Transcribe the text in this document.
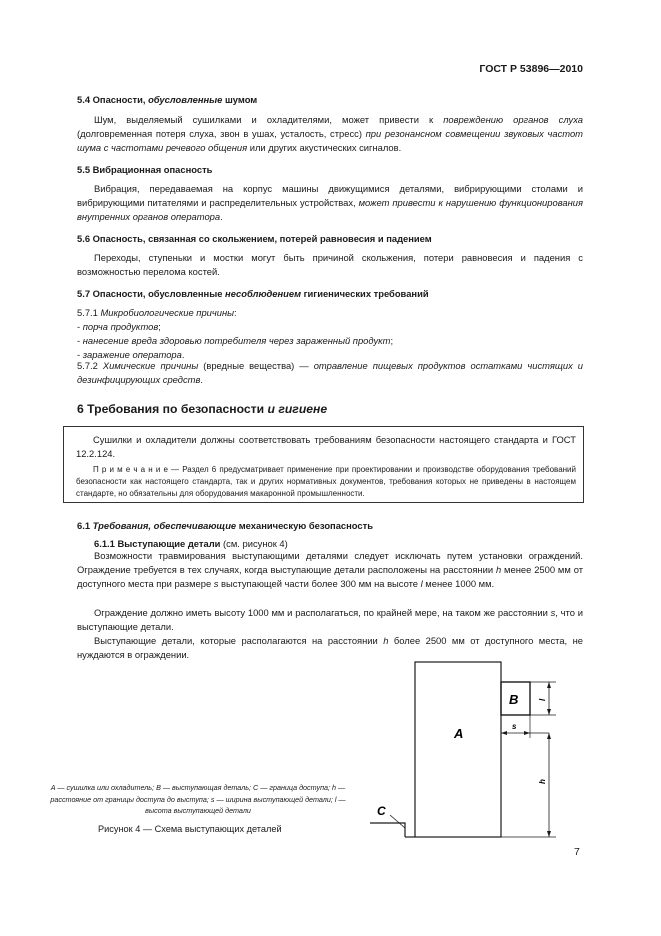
ГОСТ Р 53896—2010
5.4 Опасности, обусловленные шумом
Шум, выделяемый сушилками и охладителями, может привести к повреждению органов слуха (долговременная потеря слуха, звон в ушах, усталость, стресс) при резонансном совмещении звуковых частот шума с частотами речевого общения или других акустических сигналов.
5.5 Вибрационная опасность
Вибрация, передаваемая на корпус машины движущимися деталями, вибрирующими столами и вибрирующими питателями и распределительных устройствах, может привести к нарушению функционирования внутренних органов оператора.
5.6 Опасность, связанная со скольжением, потерей равновесия и падением
Переходы, ступеньки и мостки могут быть причиной скольжения, потери равновесия и падения с возможностью перелома костей.
5.7 Опасности, обусловленные несоблюдением гигиенических требований
5.7.1 Микробиологические причины:
- порча продуктов;
- нанесение вреда здоровью потребителя через зараженный продукт;
- заражение оператора.
5.7.2 Химические причины (вредные вещества) — отравление пищевых продуктов остатками чистящих и дезинфицирующих средств.
6 Требования по безопасности и гигиене
Сушилки и охладители должны соответствовать требованиям безопасности настоящего стандарта и ГОСТ 12.2.124.
П р и м е ч а н и е — Раздел 6 предусматривает применение при проектировании и производстве оборудования требований безопасности как настоящего стандарта, так и других нормативных документов, требования которых не приведены в настоящем стандарте, но обязательны для оборудования макаронной промышленности.
6.1 Требования, обеспечивающие механическую безопасность
6.1.1 Выступающие детали (см. рисунок 4)
Возможности травмирования выступающими деталями следует исключать путем установки ограждений. Ограждение требуется в тех случаях, когда выступающие детали расположены на расстоянии h менее 2500 мм от доступного места при размере s выступающей части более 300 мм на высоте l менее 1000 мм.
Ограждение должно иметь высоту 1000 мм и располагаться, по крайней мере, на таком же расстоянии s, что и выступающие детали.
Выступающие детали, которые располагаются на расстоянии h более 2500 мм от доступного места, не нуждаются в ограждении.
A
B
C
s
h
l
A — сушилка или охладитель; B — выступающая деталь; C — граница доступа; h — расстояние от границы доступа до выступа; s — ширина выступающей детали; l — высота выступающей детали
Рисунок 4 — Схема выступающих деталей
7
